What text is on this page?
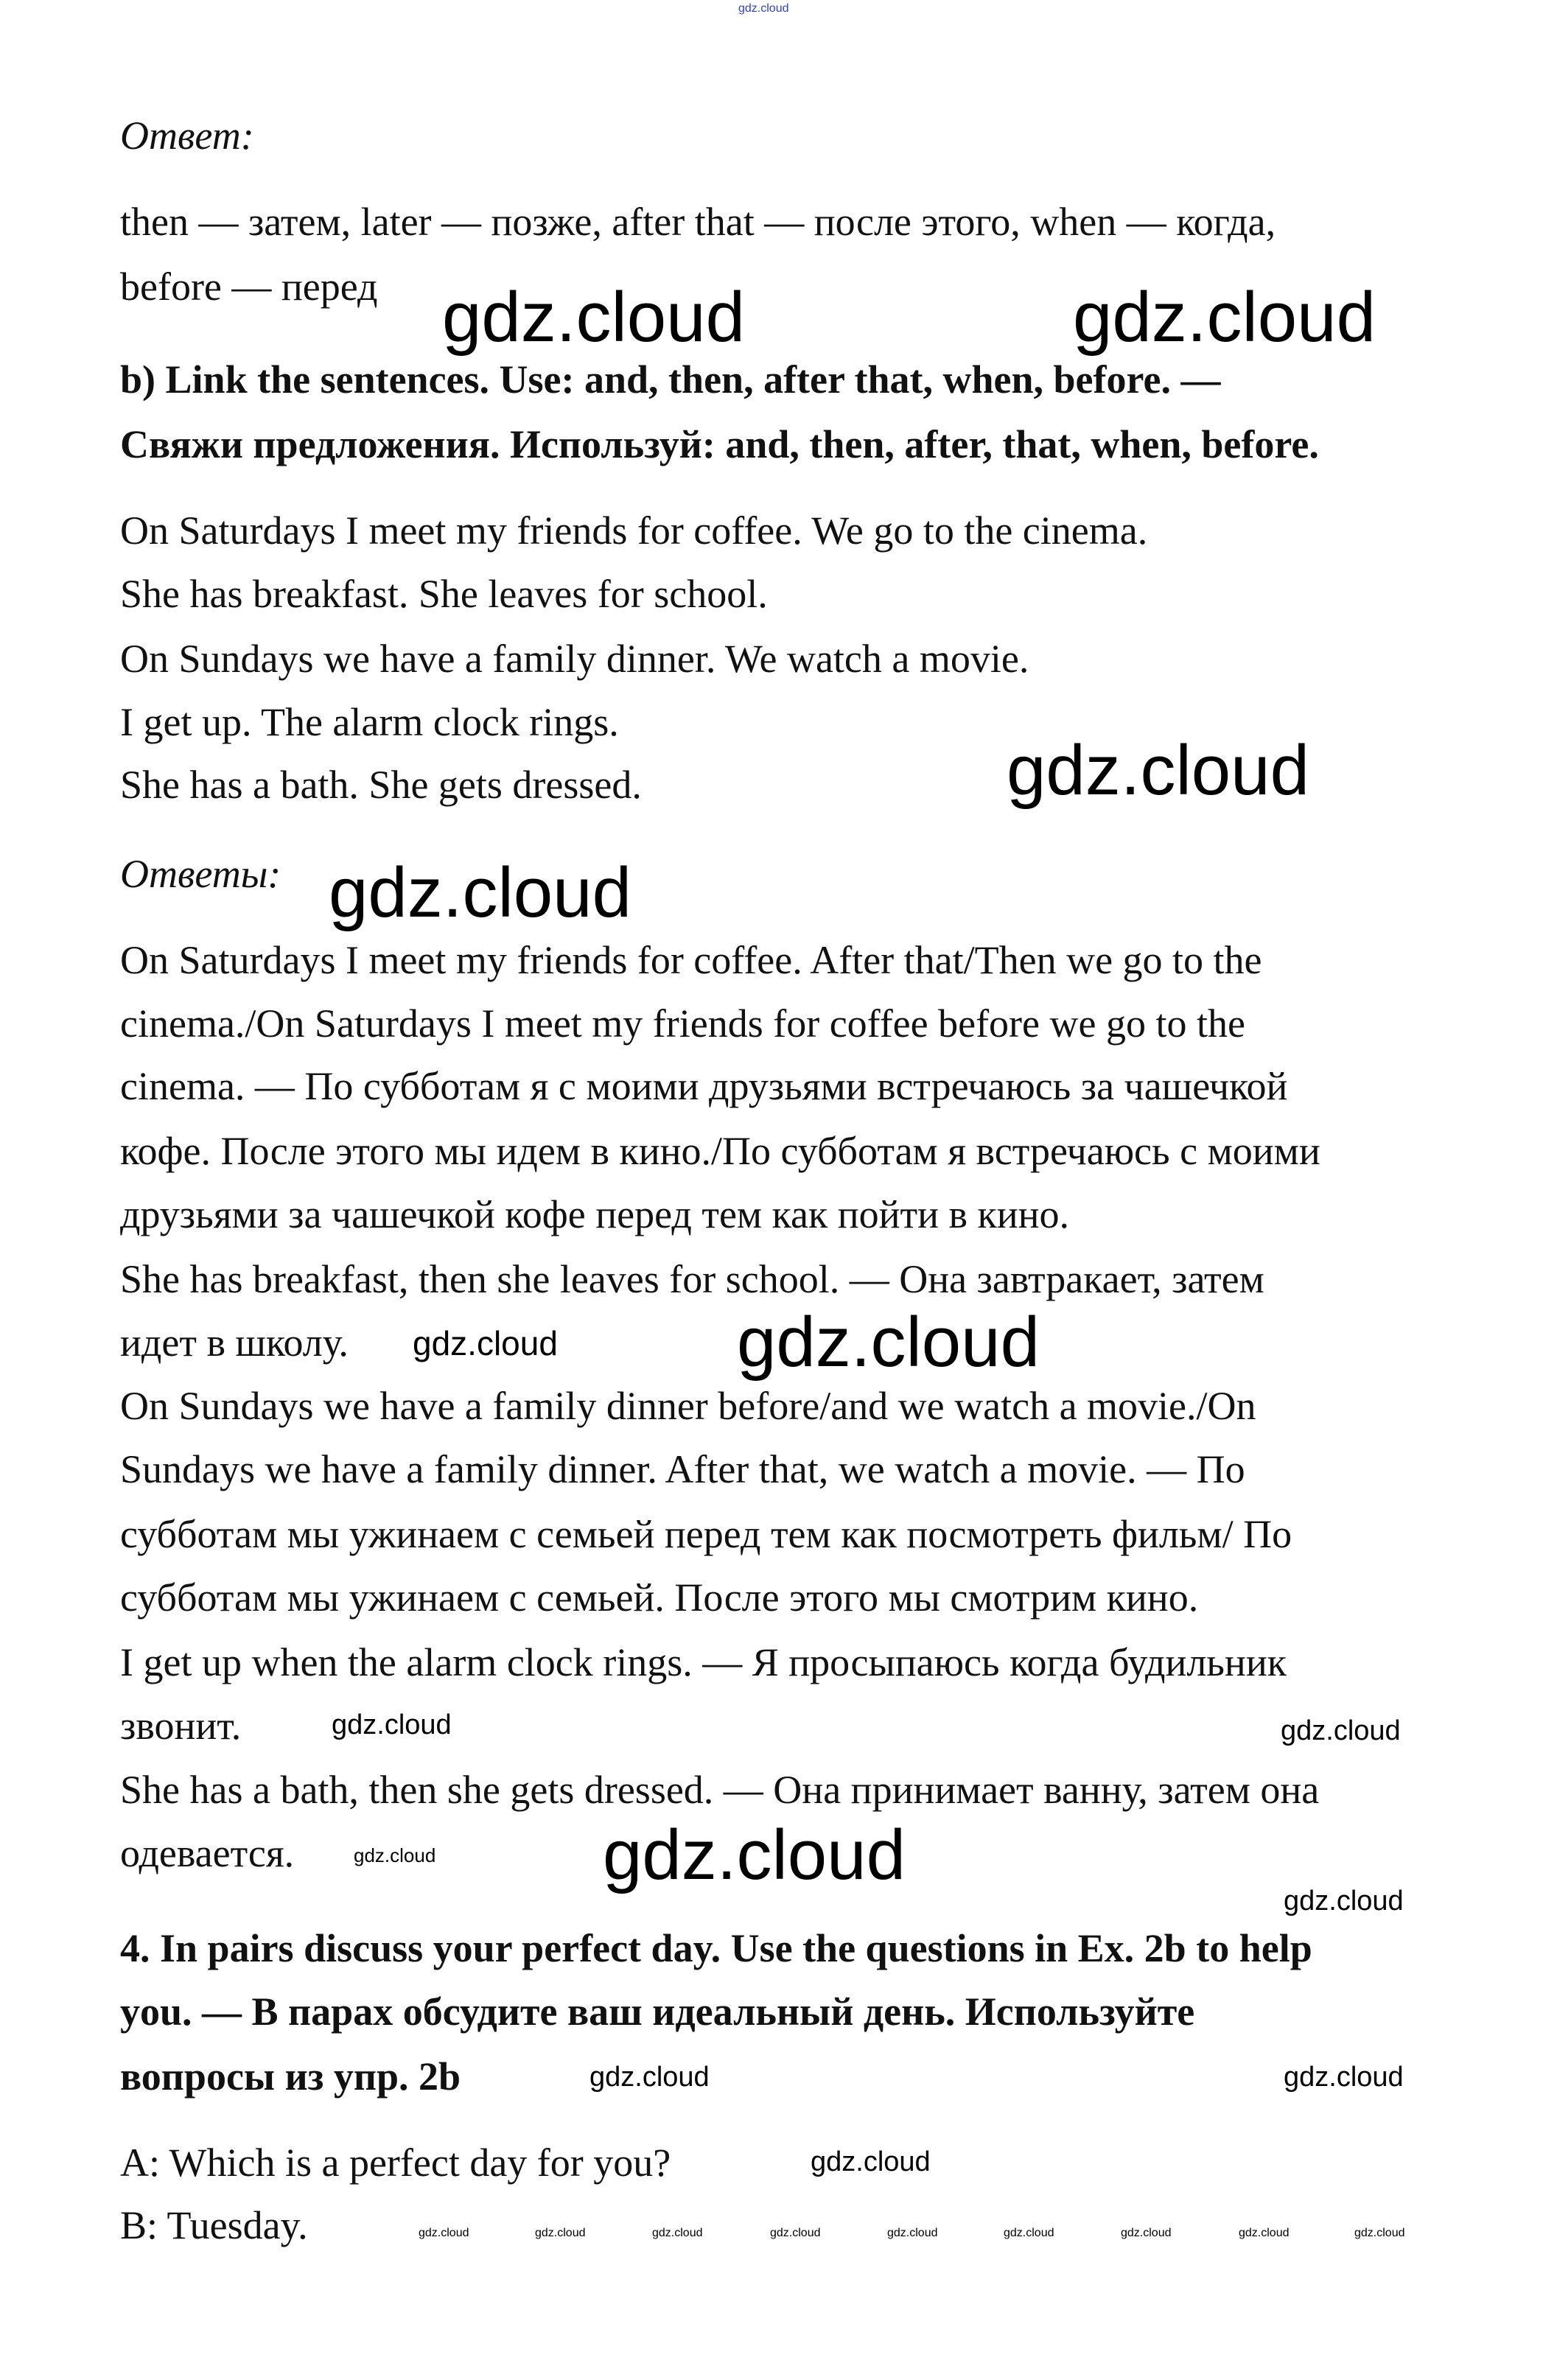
gdz.cloud
Ответ:
then — затем, later — позже, after that — после этого, when — когда,
before — перед
b) Link the sentences. Use: and, then, after that, when, before. —
Свяжи предложения. Используй: and, then, after, that, when, before.
On Saturdays I meet my friends for coffee. We go to the cinema.
She has breakfast. She leaves for school.
On Sundays we have a family dinner. We watch a movie.
I get up. The alarm clock rings.
She has a bath. She gets dressed.
Ответы:
On Saturdays I meet my friends for coffee. After that/Then we go to the
cinema./On Saturdays I meet my friends for coffee before we go to the
cinema. — По субботам я с моими друзьями встречаюсь за чашечкой
кофе. После этого мы идем в кино./По субботам я встречаюсь с моими
друзьями за чашечкой кофе перед тем как пойти в кино.
She has breakfast, then she leaves for school. — Она завтракает, затем
идет в школу.
On Sundays we have a family dinner before/and we watch a movie./On
Sundays we have a family dinner. After that, we watch a movie. — По
субботам мы ужинаем с семьей перед тем как посмотреть фильм/ По
субботам мы ужинаем с семьей. После этого мы смотрим кино.
I get up when the alarm clock rings. — Я просыпаюсь когда будильник
звонит.
She has a bath, then she gets dressed. — Она принимает ванну, затем она
одевается.
4. In pairs discuss your perfect day. Use the questions in Ex. 2b to help
you. — В парах обсудите ваш идеальный день. Используйте
вопросы из упр. 2b
A: Which is a perfect day for you?
B: Tuesday.
gdz.cloud	gdz.cloud
gdz.cloud
gdz.cloud
gdz.cloud
gdz.cloud
gdz.cloud
gdz.cloud
gdz.cloud
gdz.cloud
gdz.cloud
gdz.cloud	gdz.cloud
gdz.cloud
gdz.cloud	gdz.cloud	gdz.cloud	gdz.cloud	gdz.cloud	gdz.cloud	gdz.cloud	gdz.cloud	gdz.cloud
